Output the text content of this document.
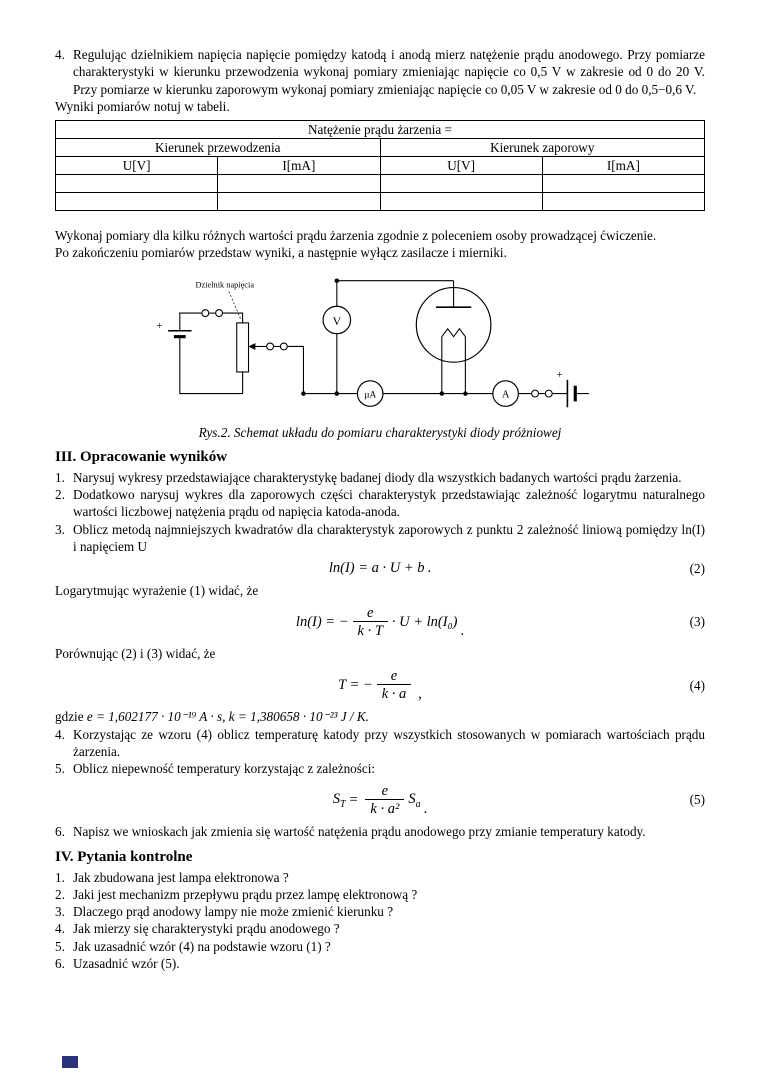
4. Regulując dzielnikiem napięcia napięcie pomiędzy katodą i anodą mierz natężenie prądu anodowego. Przy pomiarze charakterystyki w kierunku przewodzenia wykonaj pomiary zmieniając napięcie co 0,5 V w zakresie od 0 do 20 V. Przy pomiarze w kierunku zaporowym wykonaj pomiary zmieniając napięcie co 0,05 V w zakresie od 0 do 0,5−0,6 V.
Wyniki pomiarów notuj w tabeli.
Natężenie prądu żarzenia =			
Kierunek przewodzenia		Kierunek zaporowy	
U[V]	I[mA]	U[V]	I[mA]

Wykonaj pomiary dla kilku różnych wartości prądu żarzenia zgodnie z poleceniem osoby prowadzącej ćwiczenie.
Po zakończeniu pomiarów przedstaw wyniki, a następnie wyłącz zasilacze i mierniki.
+
Dzielnik napięcia
V
µA	A
+
Rys.2. Schemat układu do pomiaru charakterystyki diody próżniowej
III. Opracowanie wyników
1. Narysuj wykresy przedstawiające charakterystykę badanej diody dla wszystkich badanych wartości prądu żarzenia.
2. Dodatkowo narysuj wykres dla zaporowych części charakterystyk przedstawiając zależność logarytmu naturalnego wartości liczbowej natężenia prądu od napięcia katoda-anoda.
3. Oblicz metodą najmniejszych kwadratów dla charakterystyk zaporowych z punktu 2 zależność liniową pomiędzy ln(I) i napięciem U
ln(I) = a · U + b .	(2)
Logarytmując wyrażenie (1) widać, że
ln(I) = − $\frac{e}{k \cdot T} \cdot U + \ln(I_0)$
.
(3)
Porównując (2) i (3) widać, że
T = − $\frac{e}{k \cdot a}$ ,
(4)
gdzie e = 1,602177 · 10⁻¹⁹ A · s, k = 1,380658 · 10⁻²³ J / K.
4. Korzystając ze wzoru (4) oblicz temperaturę katody przy wszystkich stosowanych w pomiarach wartościach prądu żarzenia.
5. Oblicz niepewność temperatury korzystając z zależności:
$S_T = \frac{e}{\text{k · a²}} S_a$ .
(5)
6. Napisz we wnioskach jak zmienia się wartość natężenia prądu anodowego przy zmianie temperatury katody.
IV. Pytania kontrolne
1. Jak zbudowana jest lampa elektronowa ?
2. Jaki jest mechanizm przepływu prądu przez lampę elektronową ?
3. Dlaczego prąd anodowy lampy nie może zmienić kierunku ?
4. Jak mierzy się charakterystyki prądu anodowego ?
5. Jak uzasadnić wzór (4) na podstawie wzoru (1) ?
6. Uzasadnić wzór (5).
